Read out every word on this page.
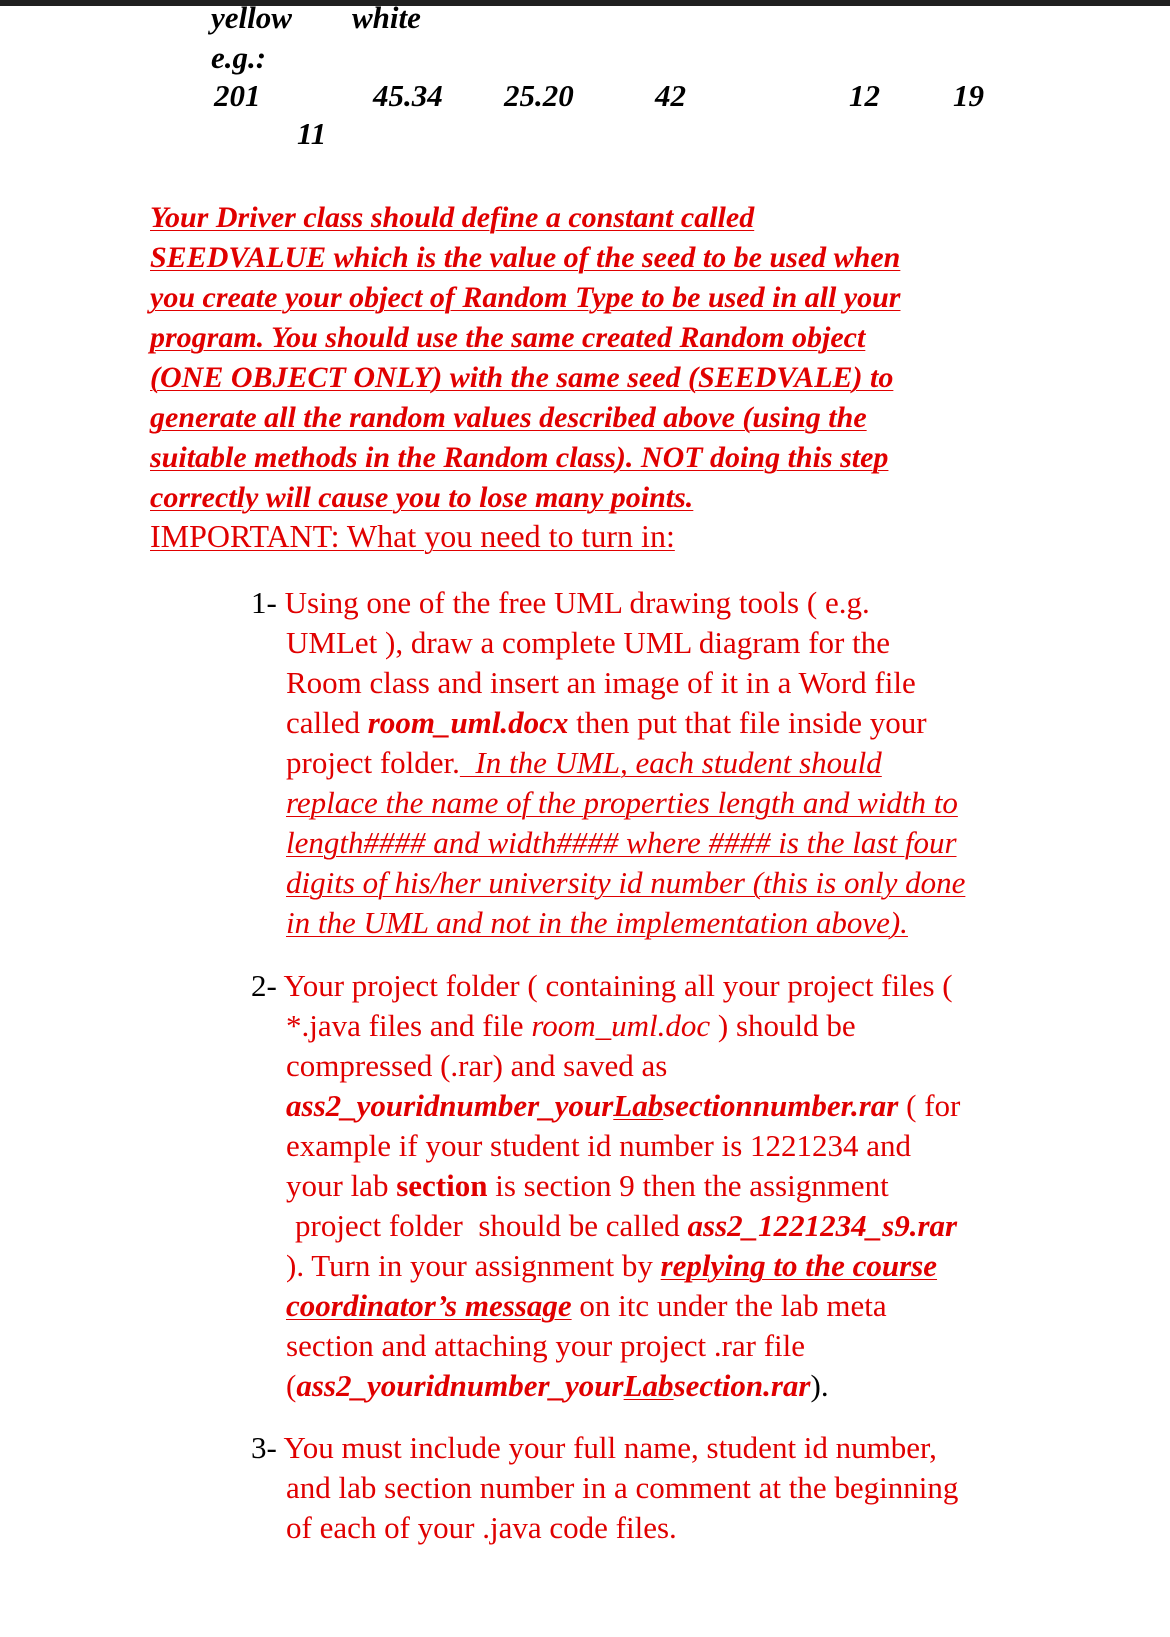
yellow white
e.g.:
201	45.34 25.20	42	12 19
11
Your Driver class should define a constant called
SEEDVALUE which is the value of the seed to be used when
you create your object of Random Type to be used in all your
program. You should use the same created Random object
(ONE OBJECT ONLY) with the same seed (SEEDVALE) to
generate all the random values described above (using the
suitable methods in the Random class). NOT doing this step
correctly will cause you to lose many points.
IMPORTANT: What you need to turn in:
1- Using one of the free UML drawing tools ( e.g.
UMLet ), draw a complete UML diagram for the
Room class and insert an image of it in a Word file
called room_uml.docx then put that file inside your
project folder.  In the UML, each student should
replace the name of the properties length and width to
length#### and width#### where #### is the last four
digits of his/her university id number (this is only done
in the UML and not in the implementation above).
2- Your project folder ( containing all your project files (
*.java files and file room_uml.doc ) should be
compressed (.rar) and saved as
ass2_youridnumber_yourLabsectionnumber.rar ( for
example if your student id number is 1221234 and
your lab section is section 9 then the assignment
project folder  should be called ass2_1221234_s9.rar
). Turn in your assignment by replying to the course
coordinator’s message on itc under the lab meta
section and attaching your project .rar file
(ass2_youridnumber_yourLabsection.rar).
3- You must include your full name, student id number,
and lab section number in a comment at the beginning
of each of your .java code files.
